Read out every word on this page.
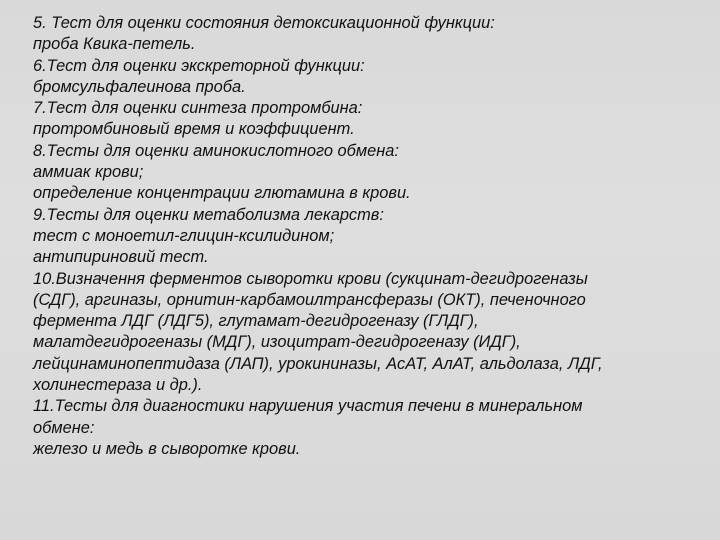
5. Тест для оценки состояния детоксикационной функции:
проба Квика-петель.
6.Тест для оценки экскреторной функции:
бромсульфалеинова проба.
7.Тест для оценки синтеза протромбина:
протромбиновый время и коэффициент.
8.Тесты для оценки аминокислотного обмена:
аммиак крови;
определение концентрации глютамина в крови.
9.Тесты для оценки метаболизма лекарств:
тест с моноетил-глицин-ксилидином;
антипириновий тест.
10.Визначення ферментов сыворотки крови (сукцинат-дегидрогеназы
(СДГ), аргиназы, орнитин-карбамоилтрансферазы (ОКТ), печеночного
фермента ЛДГ (ЛДГ5), глутамат-дегидрогеназу (ГЛДГ),
малатдегидрогеназы (МДГ), изоцитрат-дегидрогеназу (ИДГ),
лейцинаминопептидаза (ЛАП), урокининазы, AcAT, АлАТ, альдолаза, ЛДГ,
холинестераза и др.).
11.Тесты для диагностики нарушения участия печени в минеральном
обмене:
железо и медь в сыворотке крови.
